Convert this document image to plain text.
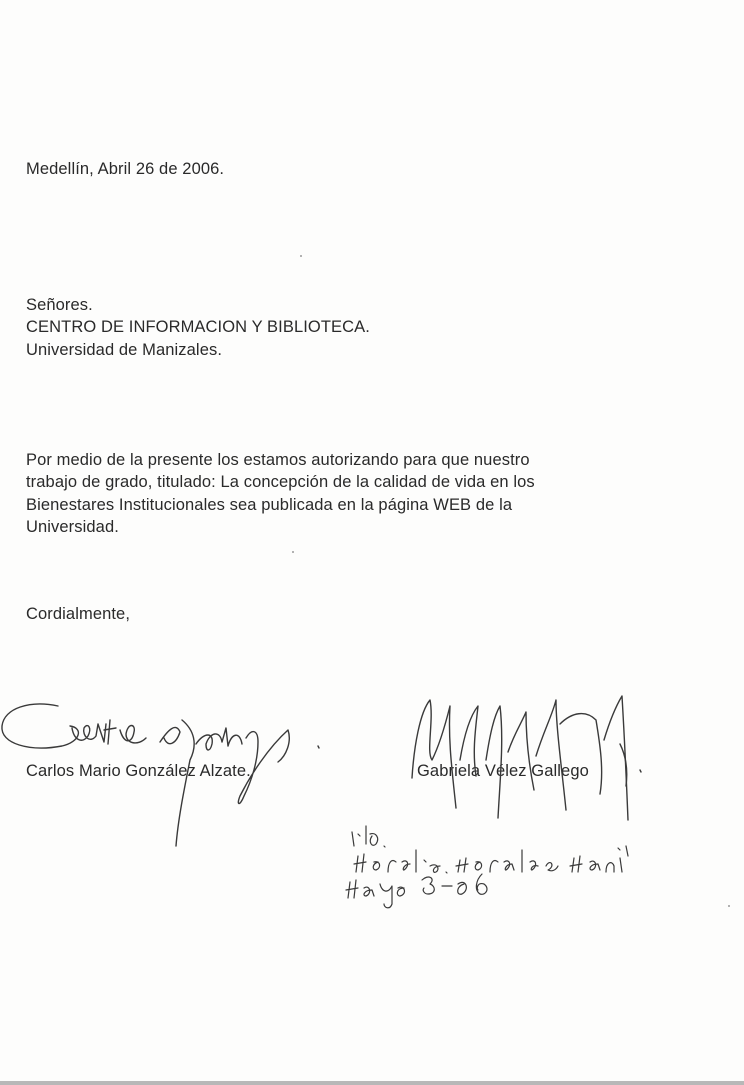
Medellín, Abril 26 de 2006.
Señores.
CENTRO DE INFORMACION Y BIBLIOTECA.
Universidad de Manizales.
Por medio de la presente los estamos autorizando para que nuestro
trabajo de grado, titulado: La concepción de la calidad de vida en los
Bienestares Institucionales sea publicada en la página WEB de la
Universidad.
Cordialmente,
Carlos Mario González Alzate.	Gabriela Vélez Gallego
